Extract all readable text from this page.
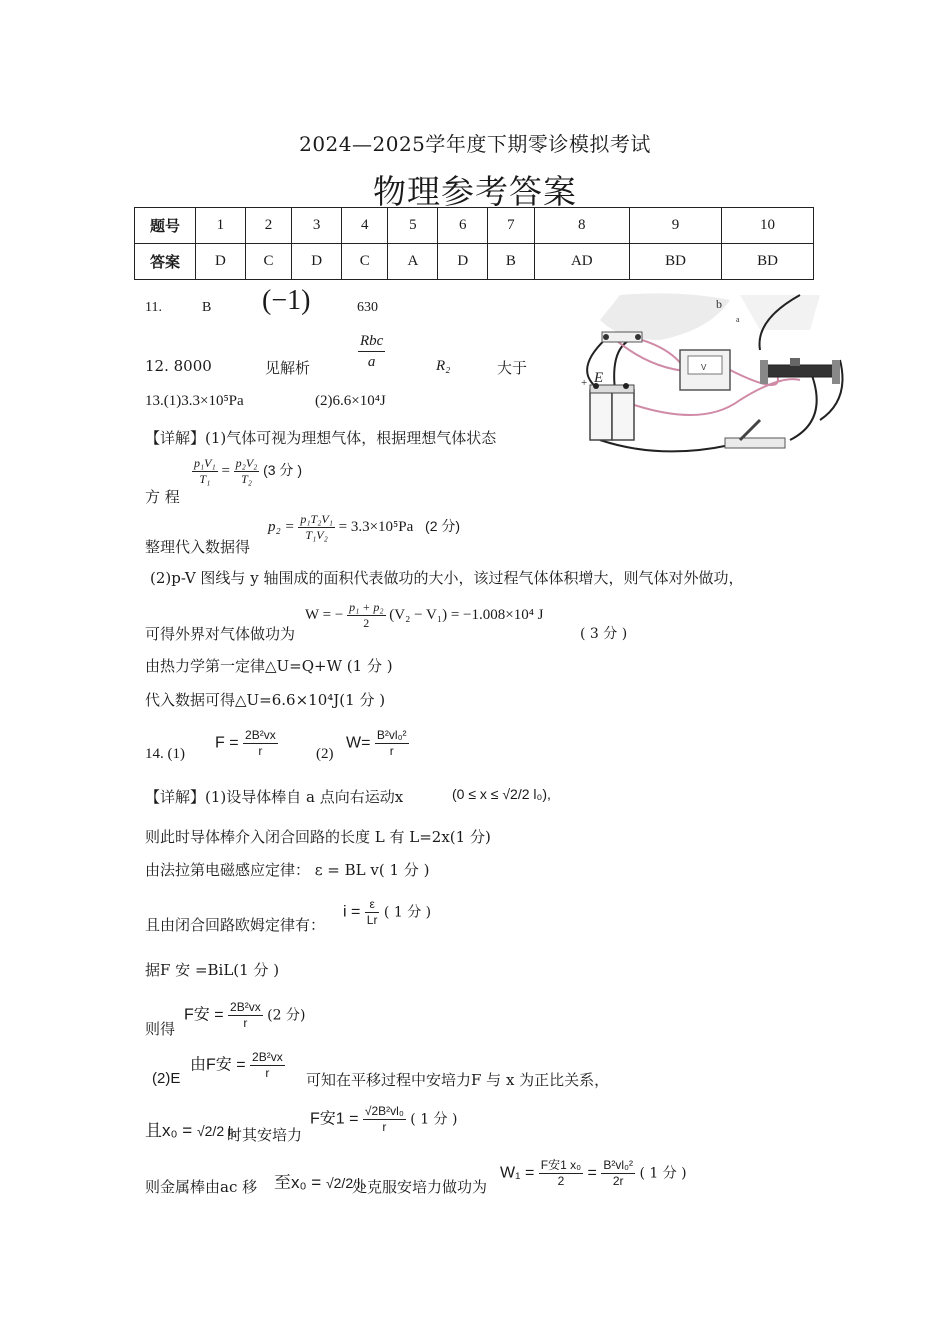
2024—2025学年度下期零诊模拟考试
物理参考答案
题号	1	2	3	4	5	6	7	8	9	10
答案	D	C	D	C	A	D	B	AD	BD	BD
11.	B (−1)	630
12. 8000	见解析	$\frac{\text{Rbc}}{a}$	R₂	大于
+ E
V
b
a
13.(1)3.3×10⁵Pa	(2)6.6×10⁴J
【详解】(1)气体可视为理想气体，根据理想气体状态
方 程
$\frac{\text{p₁V₁}}{\text{T₁}} = \frac{\text{p₂V₂}}{\text{T₂}} (3$ 分 )
整理代入数据得
$p_2 = \frac{\text{p₁T₂V₁}}{\text{T₁V₂}} = 3.3\times 10^5Pa$ (2 分)
(2)p-V 图线与 y 轴围成的面积代表做功的大小，该过程气体体积增大，则气体对外做功，
可得外界对气体做功为
W = − $\frac{\text{p₁ + p₂}}{2} (V_2 - V_1) = -1.008\times 10^4$ J
( 3 分 )
由热力学第一定律△U=Q+W (1 分 )
代入数据可得△U=6.6×10⁴J(1 分 )
14. (1)
$F = \frac{\text{2B²vx}}{r}$	(2)
$W= \frac{\text{B²vl₀²}}{r}$
【详解】(1)设导体棒自 a 点向右运动x	(0 ≤ x ≤ √2/2 l₀),
则此时导体棒介入闭合回路的长度 L 有 L=2x(1 分)
由法拉第电磁感应定律： ε = BL v( 1 分 )
且由闭合回路欧姆定律有：
$i = \frac{\varepsilon}{Lr}$ ( 1 分 )
据F 安 =BiL(1 分 )
则得
F安 = $\frac{\text{2B²vx}}{r} (2$ 分)
(2)E
由F安 = $\frac{\text{2B²vx}}{r}$ 可知在平移过程中安培力F 与 x 为正比关系，
且x₀ = √2/2 l₀
时其安培力
F安$1 = \frac{\text{√2B²vl₀}}{r}$ ( 1 分 )
则金属棒由ac 移 至x₀ = √2/2 l₀
处克服安培力做功为
$W_1 = \frac{\text{F安1 x₀}}{2} = \frac{\text{B²vl₀²}}{2r}$ ( 1 分 )
